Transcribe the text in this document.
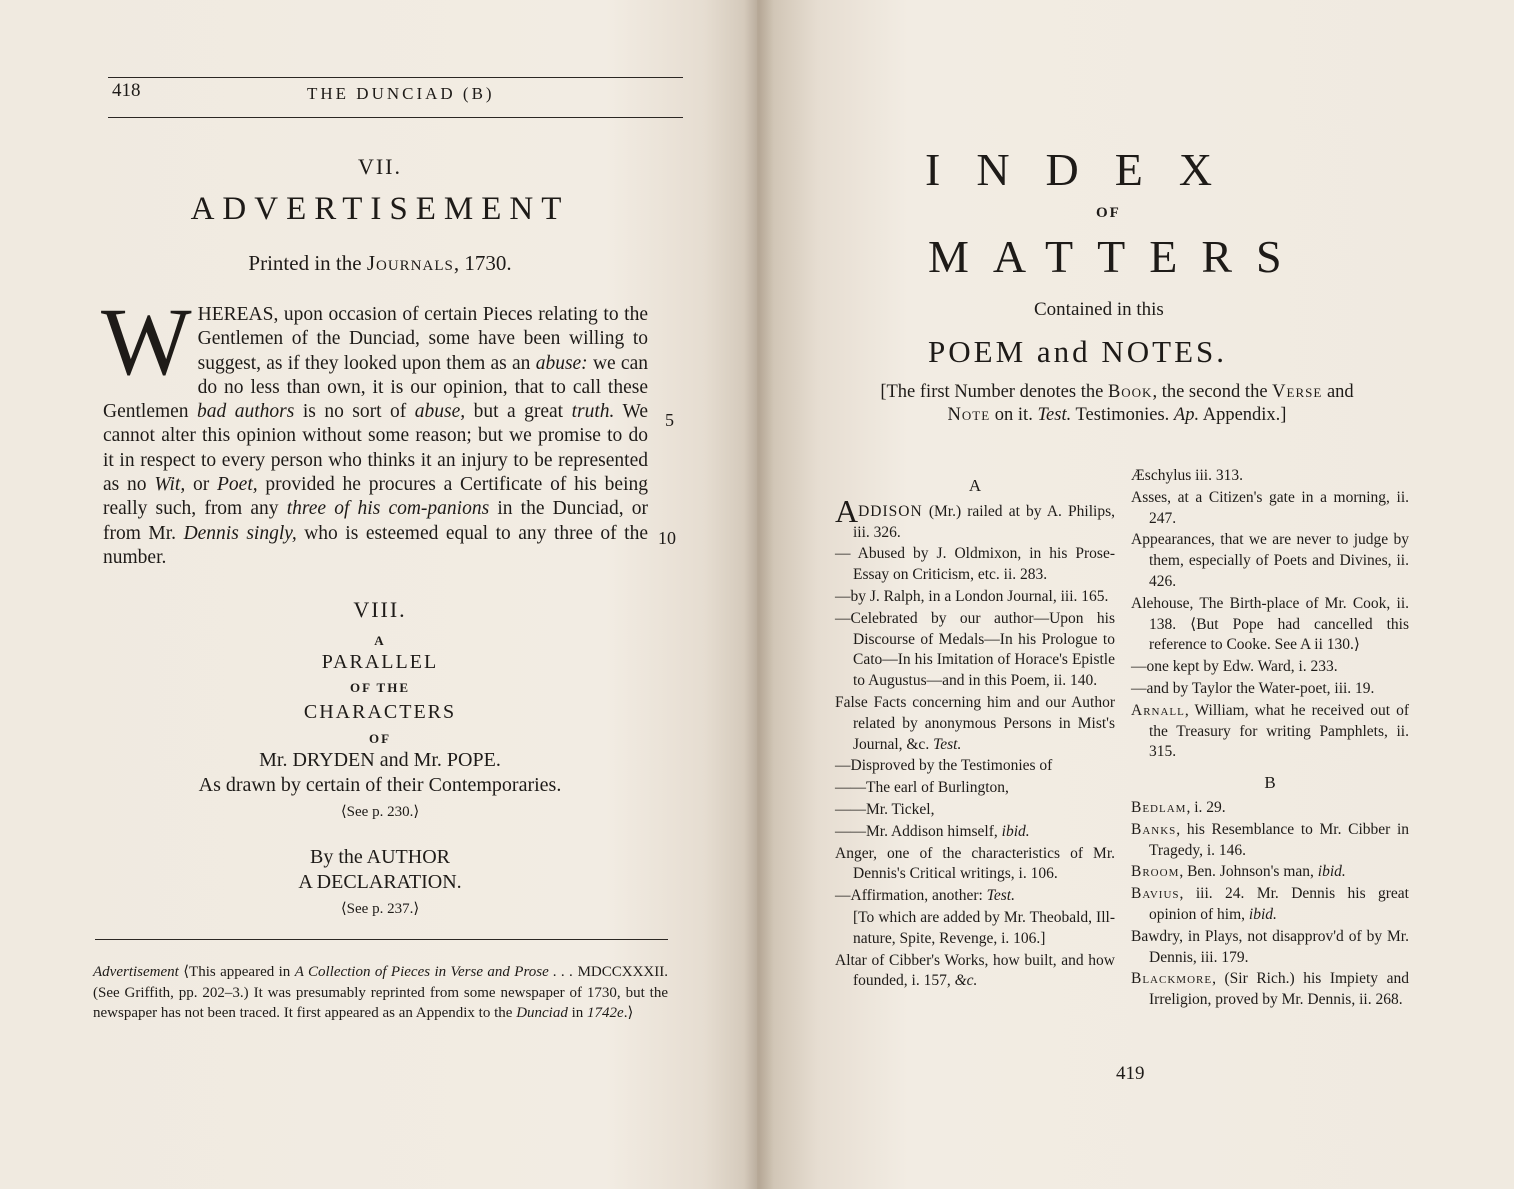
418	THE DUNCIAD (B)

VII.

ADVERTISEMENT

Printed in the Journals, 1730.

WHEREAS, upon occasion of certain Pieces relating to the Gentlemen of the Dunciad, some have been willing to suggest, as if they looked upon them as an abuse: we can do no less than own, it is our opinion, that to call these Gentlemen bad authors is no sort of abuse, but a great truth. We cannot alter this opinion without some reason; but we promise to do it in respect to every person who thinks it an injury to be represented as no Wit, or Poet, provided he procures a Certificate of his being really such, from any three of his com-panions in the Dunciad, or from Mr. Dennis singly, who is esteemed equal to any three of the number.

5

10

VIII.

A

PARALLEL

OF THE

CHARACTERS

OF

Mr. DRYDEN and Mr. POPE.

As drawn by certain of their Contemporaries.

⟨See p. 230.⟩

By the AUTHOR

A DECLARATION.

⟨See p. 237.⟩

Advertisement ⟨This appeared in A Collection of Pieces in Verse and Prose . . . MDCCXXXII. (See Griffith, pp. 202–3.) It was presumably reprinted from some newspaper of 1730, but the newspaper has not been traced. It first appeared as an Appendix to the Dunciad in 1742e.⟩

INDEX

OF

MATTERS

Contained in this

POEM and NOTES.

[The first Number denotes the Book, the second the Verse and
Note on it. Test. Testimonies. Ap. Appendix.]

A

ADDISON (Mr.) railed at by A. Philips, iii. 326.

— Abused by J. Oldmixon, in his Prose-Essay on Criticism, etc. ii. 283.

—by J. Ralph, in a London Journal, iii. 165.

—Celebrated by our author—Upon his Discourse of Medals—In his Prologue to Cato—In his Imitation of Horace's Epistle to Augustus—and in this Poem, ii. 140.

False Facts concerning him and our Author related by anonymous Persons in Mist's Journal, &c. Test.

—Disproved by the Testimonies of

——The earl of Burlington,

——Mr. Tickel,

——Mr. Addison himself, ibid.

Anger, one of the characteristics of Mr. Dennis's Critical writings, i. 106.

—Affirmation, another: Test.

[To which are added by Mr. Theobald, Ill-nature, Spite, Revenge, i. 106.]

Altar of Cibber's Works, how built, and how founded, i. 157, &c.

Æschylus iii. 313.

Asses, at a Citizen's gate in a morning, ii. 247.

Appearances, that we are never to judge by them, especially of Poets and Divines, ii. 426.

Alehouse, The Birth-place of Mr. Cook, ii. 138. ⟨But Pope had cancelled this reference to Cooke. See A ii 130.⟩

—one kept by Edw. Ward, i. 233.

—and by Taylor the Water-poet, iii. 19.

Arnall, William, what he received out of the Treasury for writing Pamphlets, ii. 315.

B

Bedlam, i. 29.

Banks, his Resemblance to Mr. Cibber in Tragedy, i. 146.

Broom, Ben. Johnson's man, ibid.

Bavius, iii. 24. Mr. Dennis his great opinion of him, ibid.

Bawdry, in Plays, not disapprov'd of by Mr. Dennis, iii. 179.

Blackmore, (Sir Rich.) his Impiety and Irreligion, proved by Mr. Dennis, ii. 268.

419
